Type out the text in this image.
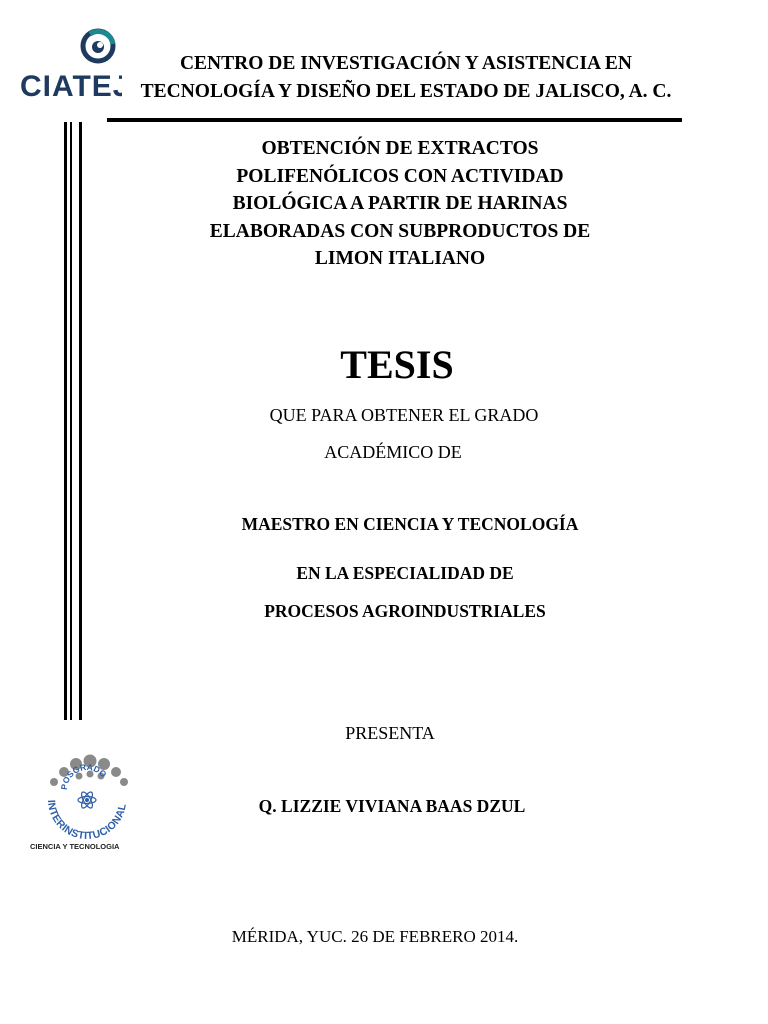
CIATEJ
CENTRO DE INVESTIGACIÓN Y ASISTENCIA EN
TECNOLOGÍA Y DISEÑO DEL ESTADO DE JALISCO, A. C.
OBTENCIÓN DE EXTRACTOS
POLIFENÓLICOS CON ACTIVIDAD
BIOLÓGICA A PARTIR DE HARINAS
ELABORADAS CON SUBPRODUCTOS DE
LIMON ITALIANO
TESIS
QUE PARA OBTENER EL GRADO
ACADÉMICO DE
MAESTRO EN CIENCIA Y TECNOLOGÍA
EN LA ESPECIALIDAD DE
PROCESOS AGROINDUSTRIALES
PRESENTA
Q. LIZZIE VIVIANA BAAS DZUL
POSGRADO
INTERINSTITUCIONAL
CIENCIA Y TECNOLOGIA
MÉRIDA, YUC. 26 DE FEBRERO 2014.
